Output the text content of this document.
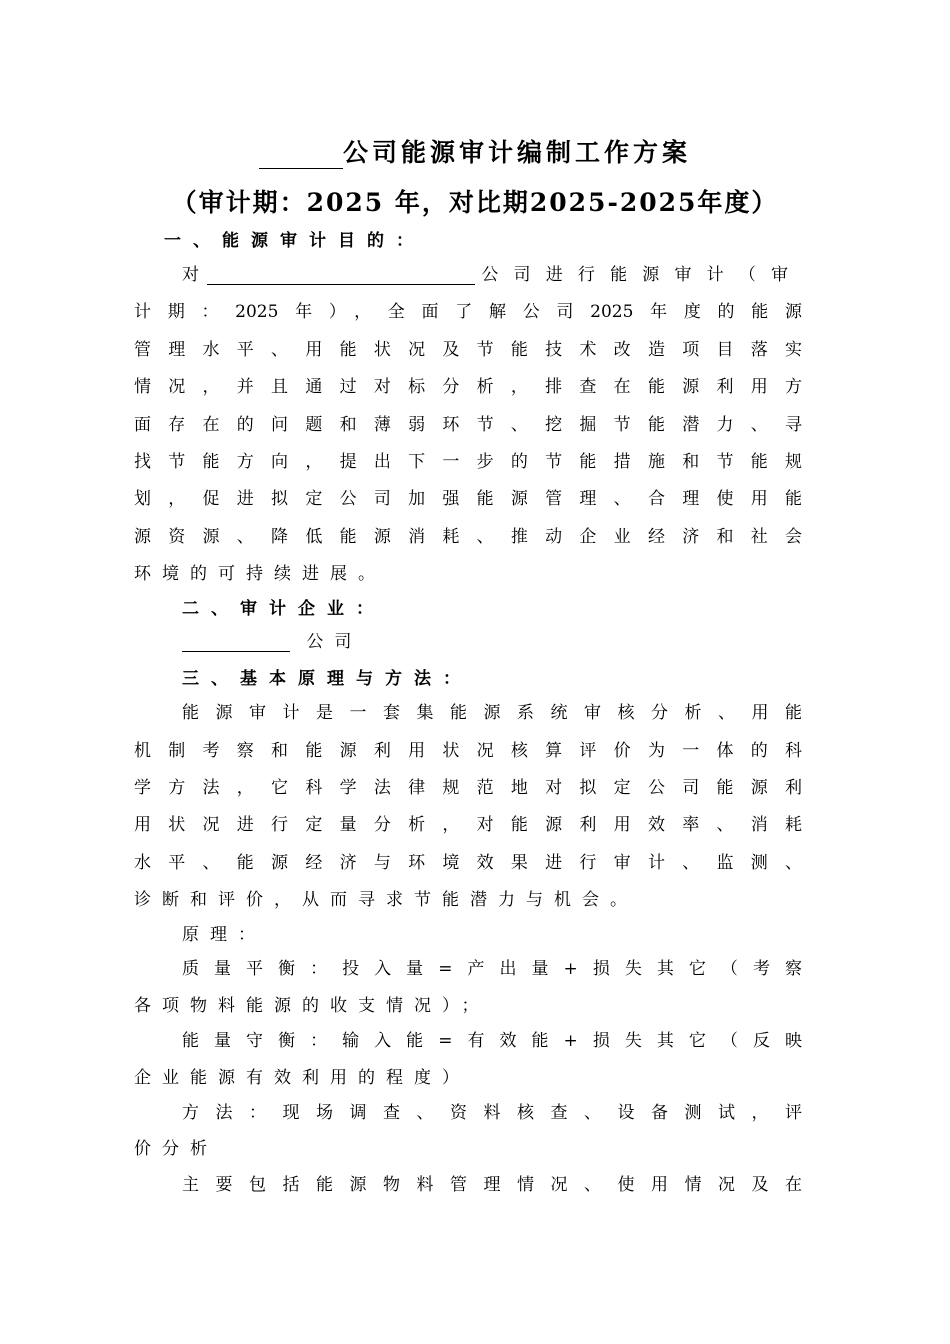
公司能源审计编制工作方案
（审计期：2025 年，对比期2025-2025年度）
一、能源审计目的：
对	公司进行能源审计（审
计期：2025年），全面了解公司2025年度的能源
管理水平、用能状况及节能技术改造项目落实
情况，并且通过对标分析，排查在能源利用方
面存在的问题和薄弱环节、挖掘节能潜力、寻
找节能方向，提出下一步的节能措施和节能规
划，促进拟定公司加强能源管理、合理使用能
源资源、降低能源消耗、推动企业经济和社会
环境的可持续进展。
二、审计企业：
公司
三、基本原理与方法：
能源审计是一套集能源系统审核分析、用能
机制考察和能源利用状况核算评价为一体的科
学方法，它科学法律规范地对拟定公司能源利
用状况进行定量分析，对能源利用效率、消耗
水平、能源经济与环境效果进行审计、监测、
诊断和评价，从而寻求节能潜力与机会。
原理：
质量平衡：投入量=产出量+损失其它（考察
各项物料能源的收支情况）；
能量守衡：输入能=有效能+损失其它（反映
企业能源有效利用的程度）
方法：现场调查、资料核查、设备测试，评
价分析
主要包括能源物料管理情况、使用情况及在
